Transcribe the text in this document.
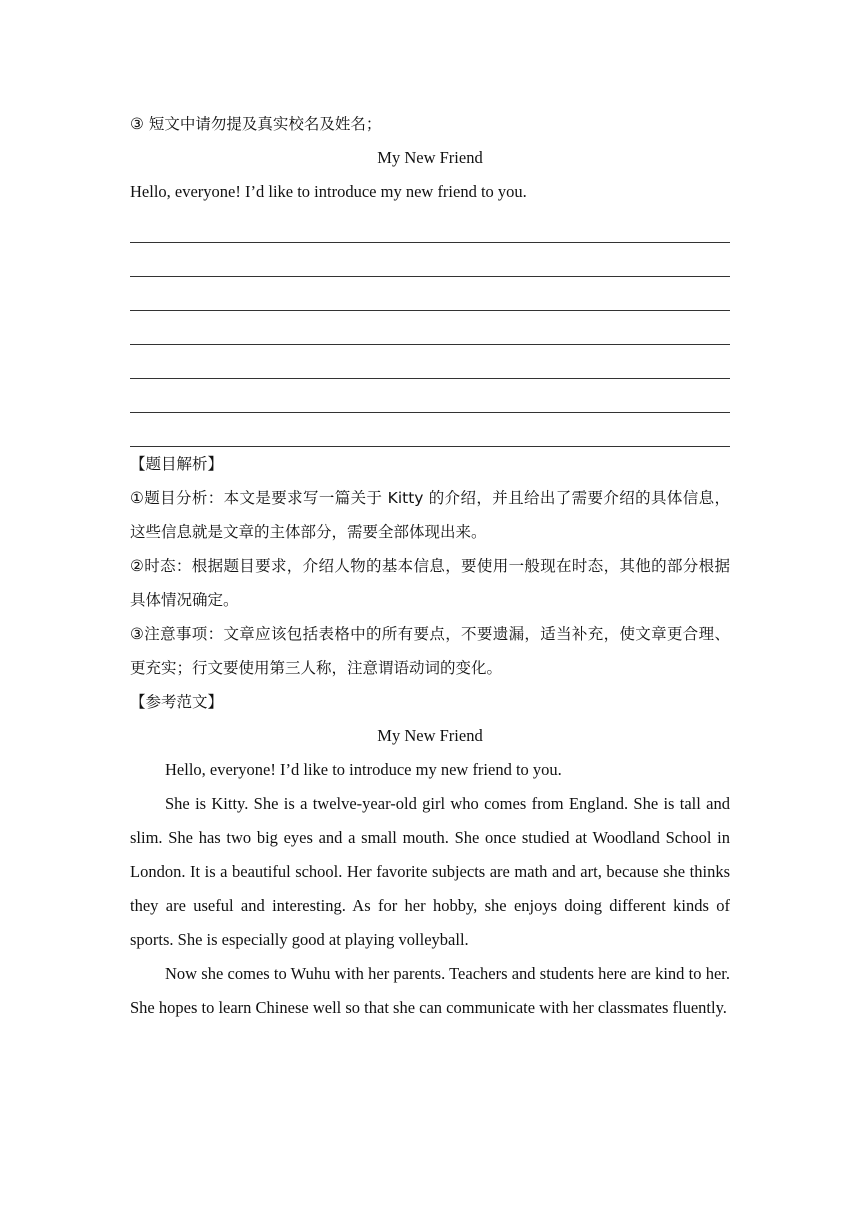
③ 短文中请勿提及真实校名及姓名；
My New Friend
Hello, everyone! I’d like to introduce my new friend to you.
【题目解析】
①题目分析：本文是要求写一篇关于 Kitty 的介绍，并且给出了需要介绍的具体信息，这些信息就是文章的主体部分，需要全部体现出来。
②时态：根据题目要求，介绍人物的基本信息，要使用一般现在时态，其他的部分根据具体情况确定。
③注意事项：文章应该包括表格中的所有要点，不要遗漏，适当补充，使文章更合理、更充实；行文要使用第三人称，注意谓语动词的变化。
【参考范文】
My New Friend
Hello, everyone! I’d like to introduce my new friend to you.
She is Kitty. She is a twelve-year-old girl who comes from England. She is tall and slim. She has two big eyes and a small mouth. She once studied at Woodland School in London. It is a beautiful school. Her favorite subjects are math and art, because she thinks they are useful and interesting. As for her hobby, she enjoys doing different kinds of sports. She is especially good at playing volleyball.
Now she comes to Wuhu with her parents. Teachers and students here are kind to her. She hopes to learn Chinese well so that she can communicate with her classmates fluently.
